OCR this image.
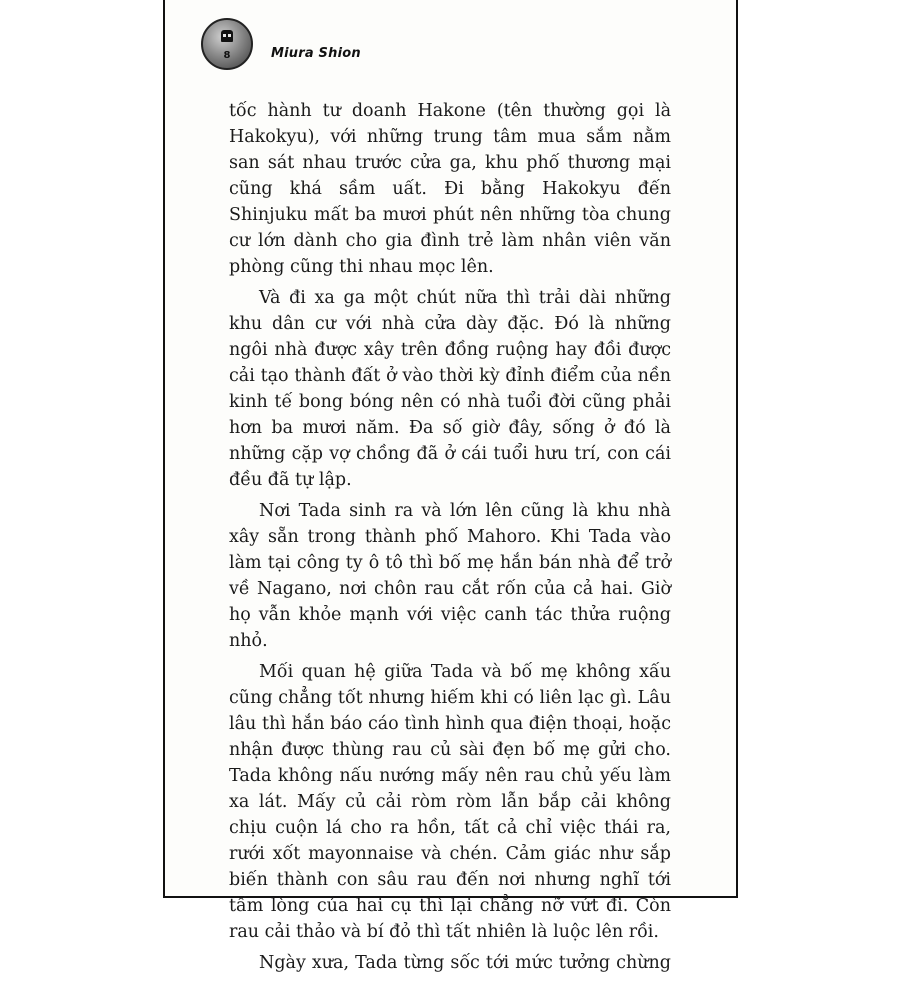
8	Miura Shion

tốc hành tư doanh Hakone (tên thường gọi là Hakokyu), với những trung tâm mua sắm nằm san sát nhau trước cửa ga, khu phố thương mại cũng khá sầm uất. Đi bằng Hakokyu đến Shinjuku mất ba mươi phút nên những tòa chung cư lớn dành cho gia đình trẻ làm nhân viên văn phòng cũng thi nhau mọc lên.

Và đi xa ga một chút nữa thì trải dài những khu dân cư với nhà cửa dày đặc. Đó là những ngôi nhà được xây trên đồng ruộng hay đồi được cải tạo thành đất ở vào thời kỳ đỉnh điểm của nền kinh tế bong bóng nên có nhà tuổi đời cũng phải hơn ba mươi năm. Đa số giờ đây, sống ở đó là những cặp vợ chồng đã ở cái tuổi hưu trí, con cái đều đã tự lập.

Nơi Tada sinh ra và lớn lên cũng là khu nhà xây sẵn trong thành phố Mahoro. Khi Tada vào làm tại công ty ô tô thì bố mẹ hắn bán nhà để trở về Nagano, nơi chôn rau cắt rốn của cả hai. Giờ họ vẫn khỏe mạnh với việc canh tác thửa ruộng nhỏ.

Mối quan hệ giữa Tada và bố mẹ không xấu cũng chẳng tốt nhưng hiếm khi có liên lạc gì. Lâu lâu thì hắn báo cáo tình hình qua điện thoại, hoặc nhận được thùng rau củ sài đẹn bố mẹ gửi cho. Tada không nấu nướng mấy nên rau chủ yếu làm xa lát. Mấy củ cải ròm ròm lẫn bắp cải không chịu cuộn lá cho ra hồn, tất cả chỉ việc thái ra, rưới xốt mayonnaise và chén. Cảm giác như sắp biến thành con sâu rau đến nơi nhưng nghĩ tới tấm lòng của hai cụ thì lại chẳng nỡ vứt đi. Còn rau cải thảo và bí đỏ thì tất nhiên là luộc lên rồi.

Ngày xưa, Tada từng sốc tới mức tưởng chừng
